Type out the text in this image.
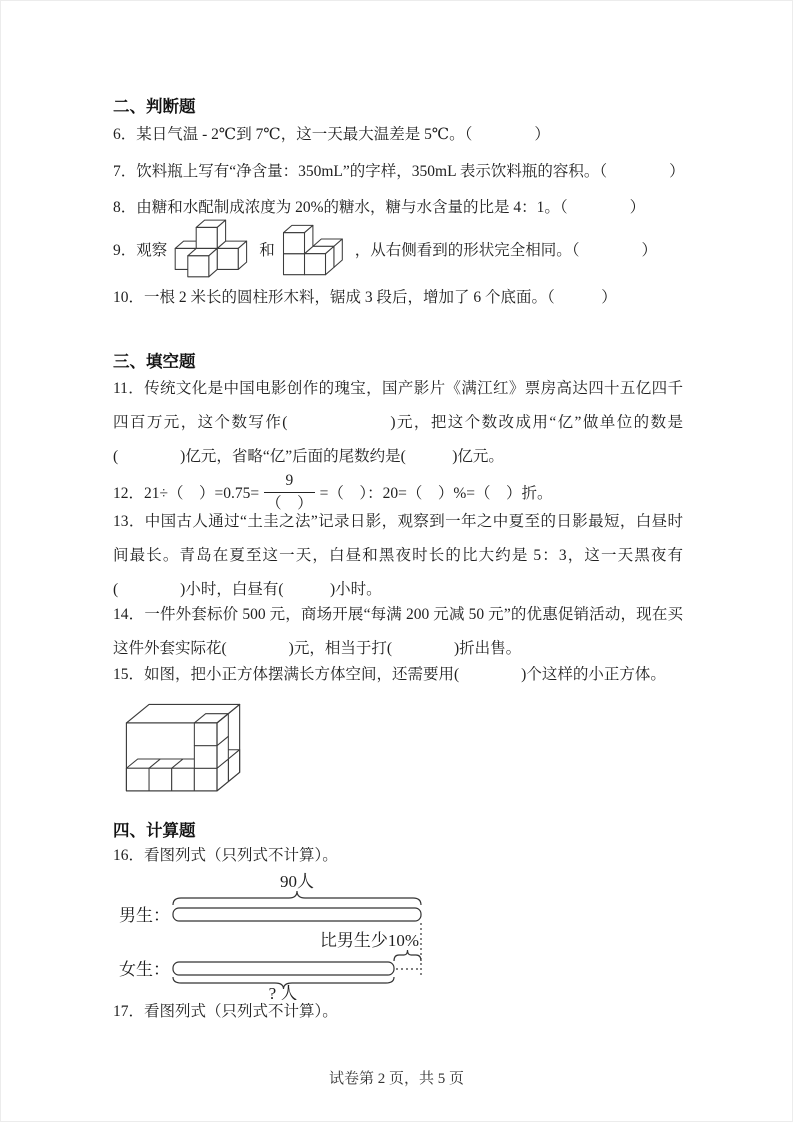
二、判断题
6．某日气温 - 2℃到 7℃，这一天最大温差是 5℃。（　　　　）
7．饮料瓶上写有“净含量：350mL”的字样，350mL 表示饮料瓶的容积。（　　　　）
8．由糖和水配制成浓度为 20%的糖水，糖与水含量的比是 4：1。（　　　　）
9．观察	和	，从右侧看到的形状完全相同。（　　　　）
10．一根 2 米长的圆柱形木料，锯成 3 段后，增加了 6 个底面。（　　　）
三、填空题
11．传统文化是中国电影创作的瑰宝，国产影片《满江红》票房高达四十五亿四千四百万元，这个数写作(　　　　　　)元，把这个数改成用“亿”做单位的数是(　　　　)亿元，省略“亿”后面的尾数约是(　　　)亿元。
12．21÷（　）$=0.75= \frac{9}{( )}$ =（　）：20=（　）%=（　）折。
13．中国古人通过“土圭之法”记录日影，观察到一年之中夏至的日影最短，白昼时间最长。青岛在夏至这一天，白昼和黑夜时长的比大约是 5：3，这一天黑夜有(　　　　)小时，白昼有(　　　)小时。
14．一件外套标价 500 元，商场开展“每满 200 元减 50 元”的优惠促销活动，现在买这件外套实际花(　　　　)元，相当于打(　　　　)折出售。
15．如图，把小正方体摆满长方体空间，还需要用(　　　　)个这样的小正方体。
四、计算题
16．看图列式（只列式不计算）。
90人
男生：
比男生少10%
女生：
? 人
17．看图列式（只列式不计算）。
试卷第 2 页，共 5 页
